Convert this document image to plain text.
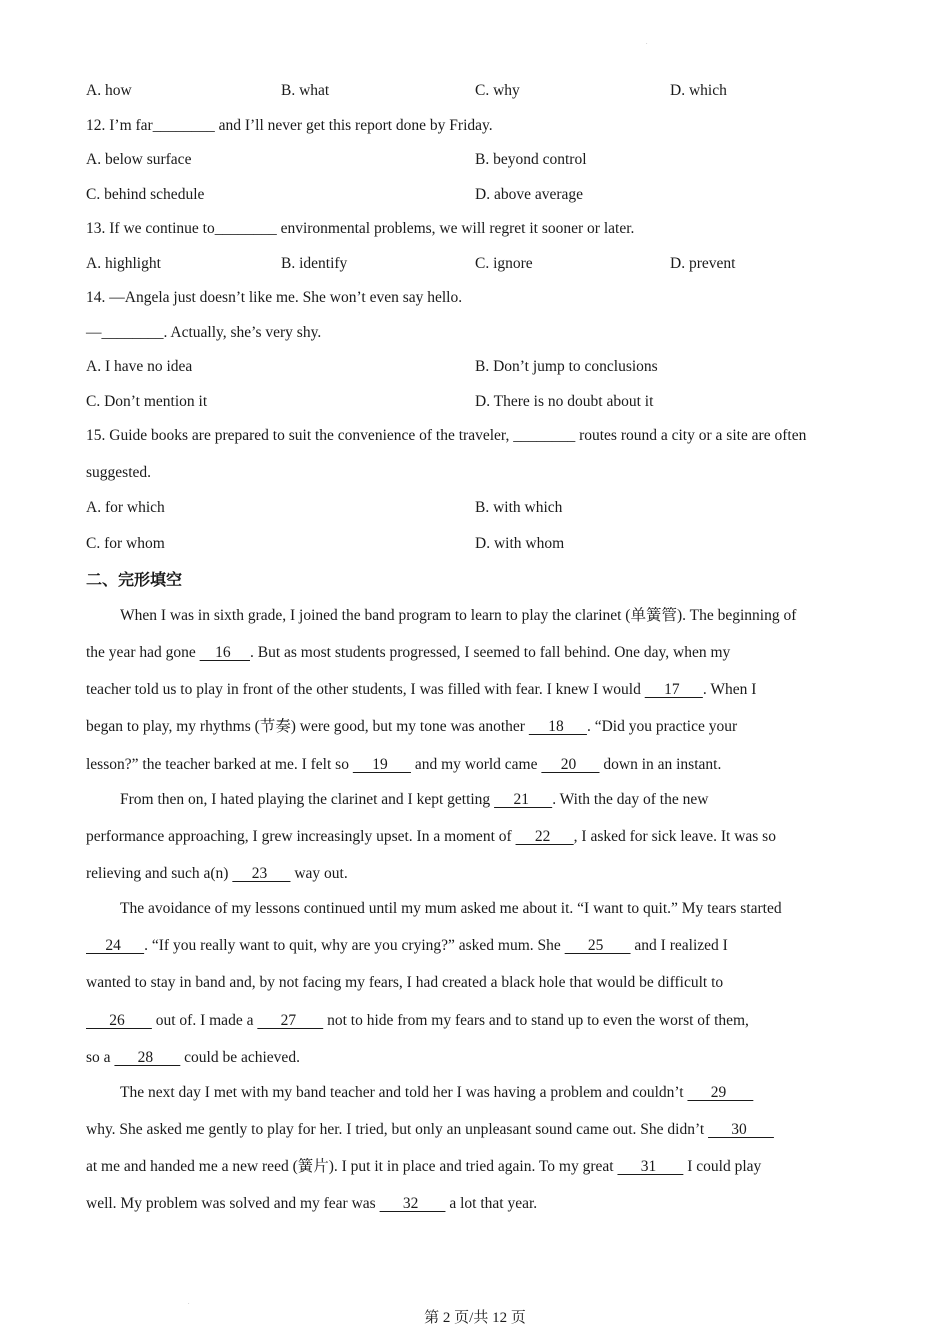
.
.
A. how	B. what	C. why	D. which
12. I’m far________ and I’ll never get this report done by Friday.
A. below surface	B. beyond control
C. behind schedule	D. above average
13. If we continue to________ environmental problems, we will regret it sooner or later.
A. highlight	B. identify	C. ignore	D. prevent
14. —Angela just doesn’t like me. She won’t even say hello.
—________. Actually, she’s very shy.
A. I have no idea	B. Don’t jump to conclusions
C. Don’t mention it	D. There is no doubt about it
15. Guide books are prepared to suit the convenience of the traveler, ________ routes round a city or a site are often
suggested.
A. for which	B. with which
C. for whom	D. with whom
二、完形填空
When I was in sixth grade, I joined the band program to learn to play the clarinet (单簧管). The beginning of
the year had gone     16     . But as most students progressed, I seemed to fall behind. One day, when my
teacher told us to play in front of the other students, I was filled with fear. I knew I would      17      . When I
began to play, my rhythms (节奏) were good, but my tone was another      18      . “Did you practice your
lesson?” the teacher barked at me. I felt so      19       and my world came      20       down in an instant.
From then on, I hated playing the clarinet and I kept getting      21      . With the day of the new
performance approaching, I grew increasingly upset. In a moment of      22      , I asked for sick leave. It was so
relieving and such a(n)      23       way out.
The avoidance of my lessons continued until my mum asked me about it. “I want to quit.” My tears started
24      . “If you really want to quit, why are you crying?” asked mum. She       25        and I realized I
wanted to stay in band and, by not facing my fears, I had created a black hole that would be difficult to
26        out of. I made a       27        not to hide from my fears and to stand up to even the worst of them,
so a       28        could be achieved.
The next day I met with my band teacher and told her I was having a problem and couldn’t       29
why. She asked me gently to play for her. I tried, but only an unpleasant sound came out. She didn’t       30
at me and handed me a new reed (簧片). I put it in place and tried again. To my great       31        I could play
well. My problem was solved and my fear was       32        a lot that year.
第 2 页/共 12 页
